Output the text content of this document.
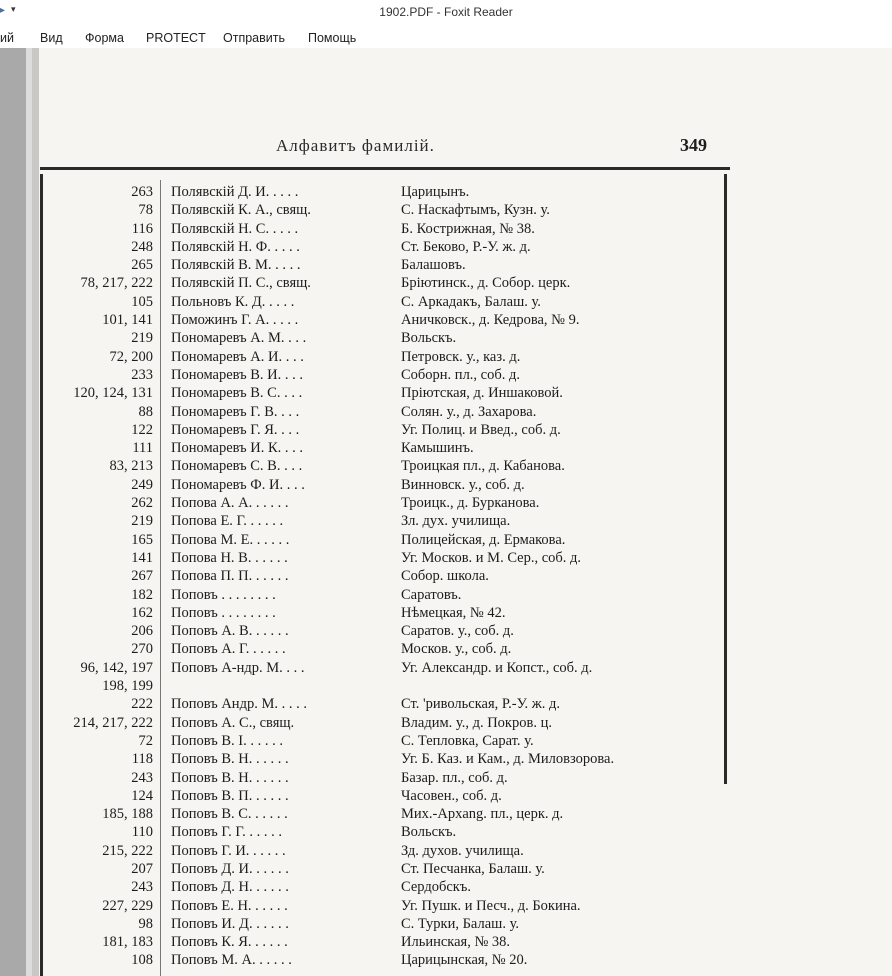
▸ ▾	1902.PDF - Foxit Reader
ий Вид Форма PROTECT Отправить Помощь
Алфавитъ фамилій.	349
263 Полявскій Д. И. . . . .	Царицынъ.
78 Полявскій К. А., свящ.	С. Наскафтымъ, Кузн. у.
116 Полявскій Н. С. . . . .	Б. Кострижная, № 38.
248 Полявскій Н. Ф. . . . .	Ст. Беково, Р.-У. ж. д.
265 Полявскій В. М. . . . .	Балашовъ.
78, 217, 222 Полявскій П. С., свящ.	Бріютинск., д. Собор. церк.
105 Польновъ К. Д. . . . .	С. Аркадакъ, Балаш. у.
101, 141 Поможинъ Г. А. . . . .	Аничковск., д. Кедрова, № 9.
219 Пономаревъ А. М. . . .	Вольскъ.
72, 200 Пономаревъ А. И. . . .	Петровск. у., каз. д.
233 Пономаревъ В. И. . . .	Соборн. пл., соб. д.
120, 124, 131 Пономаревъ В. С. . . .	Пріютская, д. Иншаковой.
88 Пономаревъ Г. В. . . .	Солян. у., д. Захарова.
122 Пономаревъ Г. Я. . . .	Уг. Полиц. и Введ., соб. д.
111 Пономаревъ И. К. . . .	Камышинъ.
83, 213 Пономаревъ С. В. . . .	Троицкая пл., д. Кабанова.
249 Пономаревъ Ф. И. . . .	Винновск. у., соб. д.
262 Попова А. А. . . . . .	Троицк., д. Бурканова.
219 Попова Е. Г. . . . . .	Зл. дух. училища.
165 Попова М. Е. . . . . .	Полицейская, д. Ермакова.
141 Попова Н. В. . . . . .	Уг. Москов. и М. Сер., соб. д.
267 Попова П. П. . . . . .	Собор. школа.
182 Поповъ . . . . . . . .	Саратовъ.
162 Поповъ . . . . . . . .	Нѣмецкая, № 42.
206 Поповъ А. В. . . . . .	Саратов. у., соб. д.
270 Поповъ А. Г. . . . . .	Москов. у., соб. д.
96, 142, 197 Поповъ А-ндр. М. . . .	Уг. Александр. и Копст., соб. д.
198, 199
222 Поповъ Андр. М. . . . .	Ст. 'ривольская, Р.-У. ж. д.
214, 217, 222 Поповъ А. С., свящ.	Владим. у., д. Покров. ц.
72 Поповъ В. I. . . . . .	С. Тепловка, Сарат. у.
118 Поповъ В. Н. . . . . .	Уг. Б. Каз. и Кам., д. Миловзорова.
243 Поповъ В. Н. . . . . .	Базар. пл., соб. д.
124 Поповъ В. П. . . . . .	Часовен., соб. д.
185, 188 Поповъ В. С. . . . . .	Мих.-Архang. пл., церк. д.
110 Поповъ Г. Г. . . . . .	Вольскъ.
215, 222 Поповъ Г. И. . . . . .	Зд. духов. училища.
207 Поповъ Д. И. . . . . .	Ст. Песчанка, Балаш. у.
243 Поповъ Д. Н. . . . . .	Сердобскъ.
227, 229 Поповъ Е. Н. . . . . .	Уг. Пушк. и Песч., д. Бокина.
98 Поповъ И. Д. . . . . .	С. Турки, Балаш. у.
181, 183 Поповъ К. Я. . . . . .	Ильинская, № 38.
108 Поповъ М. А. . . . . .	Царицынская, № 20.
